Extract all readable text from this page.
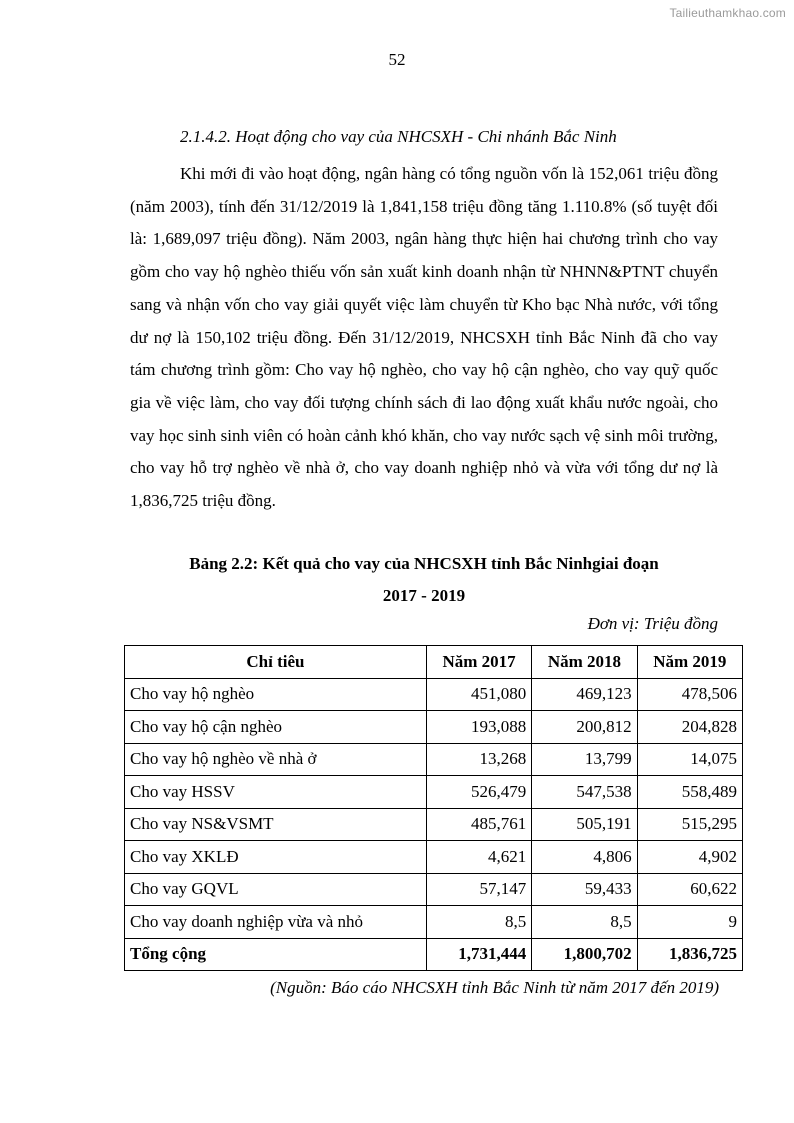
Tailieuthamkhao.com
52
2.1.4.2. Hoạt động cho vay của NHCSXH - Chi nhánh Bắc Ninh

Khi mới đi vào hoạt động, ngân hàng có tổng nguồn vốn là 152,061 triệu đồng (năm 2003), tính đến 31/12/2019 là 1,841,158 triệu đồng tăng 1.110.8% (số tuyệt đối là: 1,689,097 triệu đồng). Năm 2003, ngân hàng thực hiện hai chương trình cho vay gồm cho vay hộ nghèo thiếu vốn sản xuất kinh doanh nhận từ NHNN&PTNT chuyển sang và nhận vốn cho vay giải quyết việc làm chuyển từ Kho bạc Nhà nước, với tổng dư nợ là 150,102 triệu đồng. Đến 31/12/2019, NHCSXH tỉnh Bắc Ninh đã cho vay tám chương trình gồm: Cho vay hộ nghèo, cho vay hộ cận nghèo, cho vay quỹ quốc gia về việc làm, cho vay đối tượng chính sách đi lao động xuất khẩu nước ngoài, cho vay học sinh sinh viên có hoàn cảnh khó khăn, cho vay nước sạch vệ sinh môi trường, cho vay hỗ trợ nghèo về nhà ở, cho vay doanh nghiệp nhỏ và vừa với tổng dư nợ là 1,836,725 triệu đồng.

Bảng 2.2: Kết quả cho vay của NHCSXH tỉnh Bắc Ninhgiai đoạn
2017 - 2019
Đơn vị: Triệu đồng
Chỉ tiêu	Năm 2017	Năm 2018	Năm 2019
Cho vay hộ nghèo	451,080	469,123	478,506
Cho vay hộ cận nghèo	193,088	200,812	204,828
Cho vay hộ nghèo về nhà ở	13,268	13,799	14,075
Cho vay HSSV	526,479	547,538	558,489
Cho vay NS&VSMT	485,761	505,191	515,295
Cho vay XKLĐ	4,621	4,806	4,902
Cho vay GQVL	57,147	59,433	60,622
Cho vay doanh nghiệp vừa và nhỏ	8,5	8,5	9
Tổng cộng	1,731,444	1,800,702	1,836,725
(Nguồn: Báo cáo NHCSXH tỉnh Bắc Ninh từ năm 2017 đến 2019)
